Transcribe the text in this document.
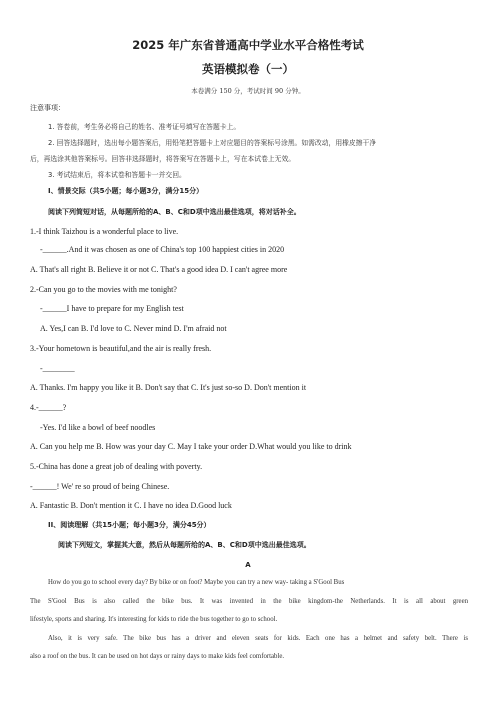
2025 年广东省普通高中学业水平合格性考试
英语模拟卷（一）
本卷满分 150 分，考试时间 90 分钟。
注意事项：
1. 答卷前，考生务必将自己的姓名、准考证号填写在答题卡上。
2. 回答选择题时，选出每小题答案后，用铅笔把答题卡上对应题目的答案标号涂黑。如需改动，用橡皮擦干净
后，再选涂其他答案标号。回答非选择题时，将答案写在答题卡上，写在本试卷上无效。
3. 考试结束后，将本试卷和答题卡一并交回。
I、情景交际（共5小题；每小题3分，满分15分）
阅读下列简短对话，从每题所给的A、B、C和D项中选出最佳选项，将对话补全。
1.-I think Taizhou is a wonderful place to live.
-______.And it was chosen as one of China's top 100 happiest cities in 2020
A. That's all right B. Believe it or not C. That's a good idea D. I can't agree more
2.-Can you go to the movies with me tonight?
-______I have to prepare for my English test
A. Yes,I can B. I'd love to C. Never mind D. I'm afraid not
3.-Your hometown is beautiful,and the air is really fresh.
-________
A. Thanks. I'm happy you like it B. Don't say that C. It's just so-so D. Don't mention it
4.-______?
-Yes. I'd like a bowl of beef noodles
A. Can you help me B. How was your day C. May I take your order D.What would you like to drink
5.-China has done a great job of dealing with poverty.
-______! We' re so proud of being Chinese.
A. Fantastic B. Don't mention it C. I have no idea D.Good luck
II、阅读理解（共15小题；每小题3分，满分45分）
阅读下列短文，掌握其大意，然后从每题所给的A、B、C和D项中选出最佳选项。
A
How do you go to school every day? By bike or on foot? Maybe you can try a new way- taking a S'Gool Bus
The S'Gool Bus is also called the bike bus. It was invented in the bike kingdom-the Netherlands. It is all about green
lifestyle, sports and sharing. It's interesting for kids to ride the bus together to go to school.
Also, it is very safe. The bike bus has a driver and eleven seats for kids. Each one has a helmet and safety belt. There is
also a roof on the bus. It can be used on hot days or rainy days to make kids feel comfortable.
